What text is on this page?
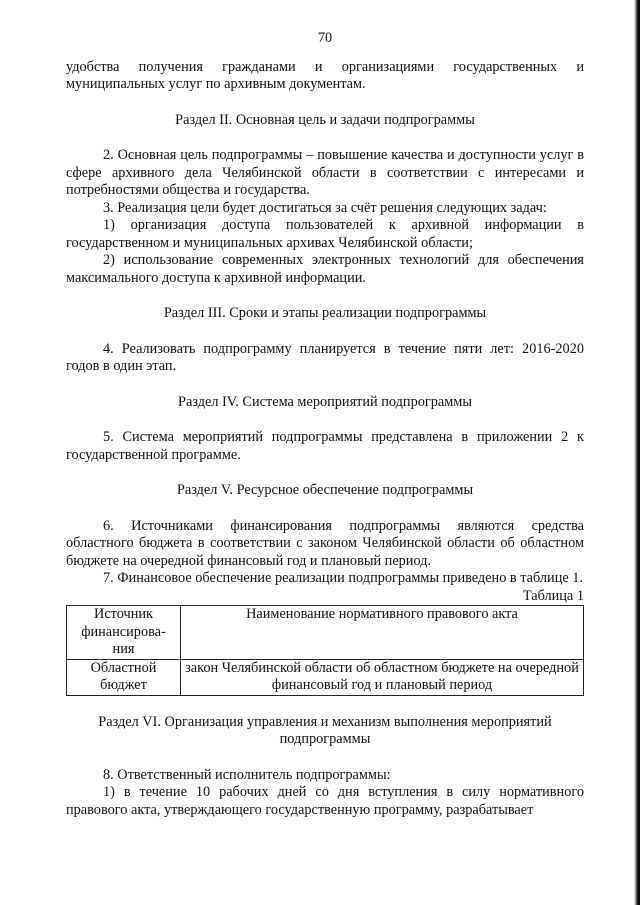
70

удобства получения гражданами и организациями государственных и муниципальных услуг по архивным документам.

Раздел II. Основная цель и задачи подпрограммы

2. Основная цель подпрограммы – повышение качества и доступности услуг в сфере архивного дела Челябинской области в соответствии с интересами и потребностями общества и государства.

3. Реализация цели будет достигаться за счёт решения следующих задач:

1) организация доступа пользователей к архивной информации в государственном и муниципальных архивах Челябинской области;

2) использование современных электронных технологий для обеспечения максимального доступа к архивной информации.

Раздел III. Сроки и этапы реализации подпрограммы

4. Реализовать подпрограмму планируется в течение пяти лет: 2016-2020 годов в один этап.

Раздел IV. Система мероприятий подпрограммы

5. Система мероприятий подпрограммы представлена в приложении 2 к государственной программе.

Раздел V. Ресурсное обеспечение подпрограммы

6. Источниками финансирования подпрограммы являются средства областного бюджета в соответствии с законом Челябинской области об областном бюджете на очередной финансовый год и плановый период.

7. Финансовое обеспечение реализации подпрограммы приведено в таблице 1.

Таблица 1

Источник финансирова-ния	Наименование нормативного правового акта
Областной бюджет	закон Челябинской области об областном бюджете на очередной финансовый год и плановый период

Раздел VI. Организация управления и механизм выполнения мероприятий подпрограммы

8. Ответственный исполнитель подпрограммы:

1) в течение 10 рабочих дней со дня вступления в силу нормативного правового акта, утверждающего государственную программу, разрабатывает
